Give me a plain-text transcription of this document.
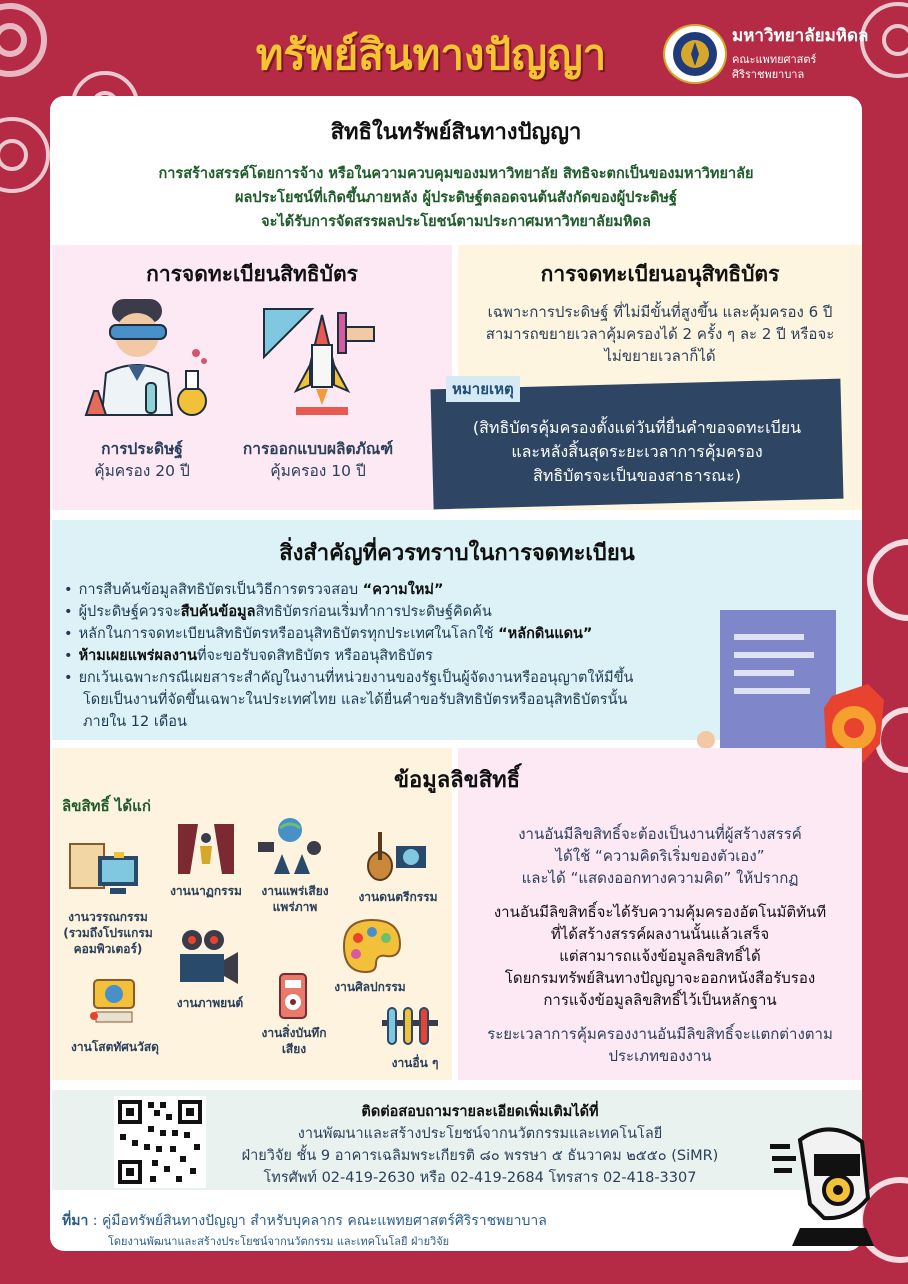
ทรัพย์สินทางปัญญา	มหาวิทยาลัยมหิดล
คณะแพทยศาสตร์
ศิริราชพยาบาล
สิทธิในทรัพย์สินทางปัญญา
การสร้างสรรค์โดยการจ้าง หรือในความควบคุมของมหาวิทยาลัย สิทธิจะตกเป็นของมหาวิทยาลัย
ผลประโยชน์ที่เกิดขึ้นภายหลัง ผู้ประดิษฐ์ตลอดจนต้นสังกัดของผู้ประดิษฐ์
จะได้รับการจัดสรรผลประโยชน์ตามประกาศมหาวิทยาลัยมหิดล
การจดทะเบียนสิทธิบัตร
การประดิษฐ์
คุ้มครอง 20 ปี
การออกแบบผลิตภัณฑ์
คุ้มครอง 10 ปี
การจดทะเบียนอนุสิทธิบัตร
เฉพาะการประดิษฐ์ ที่ไม่มีขั้นที่สูงขึ้น และคุ้มครอง 6 ปี
สามารถขยายเวลาคุ้มครองได้ 2 ครั้ง ๆ ละ 2 ปี หรือจะ
ไม่ขยายเวลาก็ได้
หมายเหตุ
(สิทธิบัตรคุ้มครองตั้งแต่วันที่ยื่นคำขอจดทะเบียน
และหลังสิ้นสุดระยะเวลาการคุ้มครอง
สิทธิบัตรจะเป็นของสาธารณะ)
สิ่งสำคัญที่ควรทราบในการจดทะเบียน
• การสืบค้นข้อมูลสิทธิบัตรเป็นวิธีการตรวจสอบ “ความใหม่”
• ผู้ประดิษฐ์ควรจะสืบค้นข้อมูลสิทธิบัตรก่อนเริ่มทำการประดิษฐ์คิดค้น
• หลักในการจดทะเบียนสิทธิบัตรหรืออนุสิทธิบัตรทุกประเทศในโลกใช้ “หลักดินแดน”
• ห้ามเผยแพร่ผลงานที่จะขอรับจดสิทธิบัตร หรืออนุสิทธิบัตร
• ยกเว้นเฉพาะกรณีเผยสาระสำคัญในงานที่หน่วยงานของรัฐเป็นผู้จัดงานหรืออนุญาตให้มีขึ้น
โดยเป็นงานที่จัดขึ้นเฉพาะในประเทศไทย และได้ยื่นคำขอรับสิทธิบัตรหรืออนุสิทธิบัตรนั้น
ภายใน 12 เดือน
ข้อมูลลิขสิทธิ์
ลิขสิทธิ์ ได้แก่
งานวรรณกรรม
(รวมถึงโปรแกรม
คอมพิวเตอร์)
งานนาฏกรรม	งานแพร่เสียง
แพร่ภาพ
งานดนตรีกรรม
งานภาพยนต์
งานศิลปกรรม
งานโสตทัศนวัสดุ
งานสิ่งบันทึก
เสียง
งานอื่น ๆ
งานอันมีลิขสิทธิ์จะต้องเป็นงานที่ผู้สร้างสรรค์
ได้ใช้ “ความคิดริเริ่มของตัวเอง”
และได้ “แสดงออกทางความคิด” ให้ปรากฏ
งานอันมีลิขสิทธิ์จะได้รับความคุ้มครองอัตโนมัติทันที
ที่ได้สร้างสรรค์ผลงานนั้นแล้วเสร็จ
แต่สามารถแจ้งข้อมูลลิขสิทธิ์ได้
โดยกรมทรัพย์สินทางปัญญาจะออกหนังสือรับรอง
การแจ้งข้อมูลลิขสิทธิ์ไว้เป็นหลักฐาน
ระยะเวลาการคุ้มครองงานอันมีลิขสิทธิ์จะแตกต่างตาม
ประเภทของงาน
ติดต่อสอบถามรายละเอียดเพิ่มเติมได้ที่
งานพัฒนาและสร้างประโยชน์จากนวัตกรรมและเทคโนโลยี
ฝ่ายวิจัย ชั้น 9 อาคารเฉลิมพระเกียรติ ๘๐ พรรษา ๕ ธันวาคม ๒๕๕๐ (SiMR)
โทรศัพท์ 02-419-2630 หรือ 02-419-2684 โทรสาร 02-418-3307
ที่มา : คู่มือทรัพย์สินทางปัญญา สำหรับบุคลากร คณะแพทยศาสตร์ศิริราชพยาบาล
โดยงานพัฒนาและสร้างประโยชน์จากนวัตกรรม และเทคโนโลยี ฝ่ายวิจัย
